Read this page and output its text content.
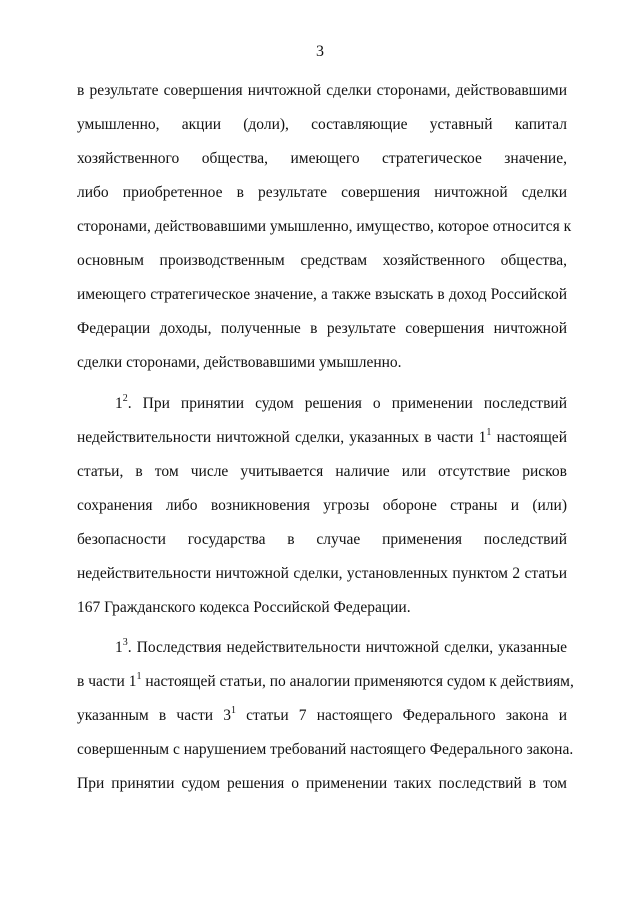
3
в результате совершения ничтожной сделки сторонами, действовавшими
умышленно, акции (доли), составляющие уставный капитал
хозяйственного общества, имеющего стратегическое значение,
либо приобретенное в результате совершения ничтожной сделки
сторонами, действовавшими умышленно, имущество, которое относится к
основным производственным средствам хозяйственного общества,
имеющего стратегическое значение, а также взыскать в доход Российской
Федерации доходы, полученные в результате совершения ничтожной
сделки сторонами, действовавшими умышленно.
$1^2$. При принятии судом решения о применении последствий
недействительности ничтожной сделки, указанных в части $1^1$ настоящей
статьи, в том числе учитывается наличие или отсутствие рисков
сохранения либо возникновения угрозы обороне страны и (или)
безопасности государства в случае применения последствий
недействительности ничтожной сделки, установленных пунктом 2 статьи
167 Гражданского кодекса Российской Федерации.
$1^3$. Последствия недействительности ничтожной сделки, указанные
в части $1^1$ настоящей статьи, по аналогии применяются судом к действиям,
указанным в части $3^1$ статьи 7 настоящего Федерального закона и
совершенным с нарушением требований настоящего Федерального закона.
При принятии судом решения о применении таких последствий в том
